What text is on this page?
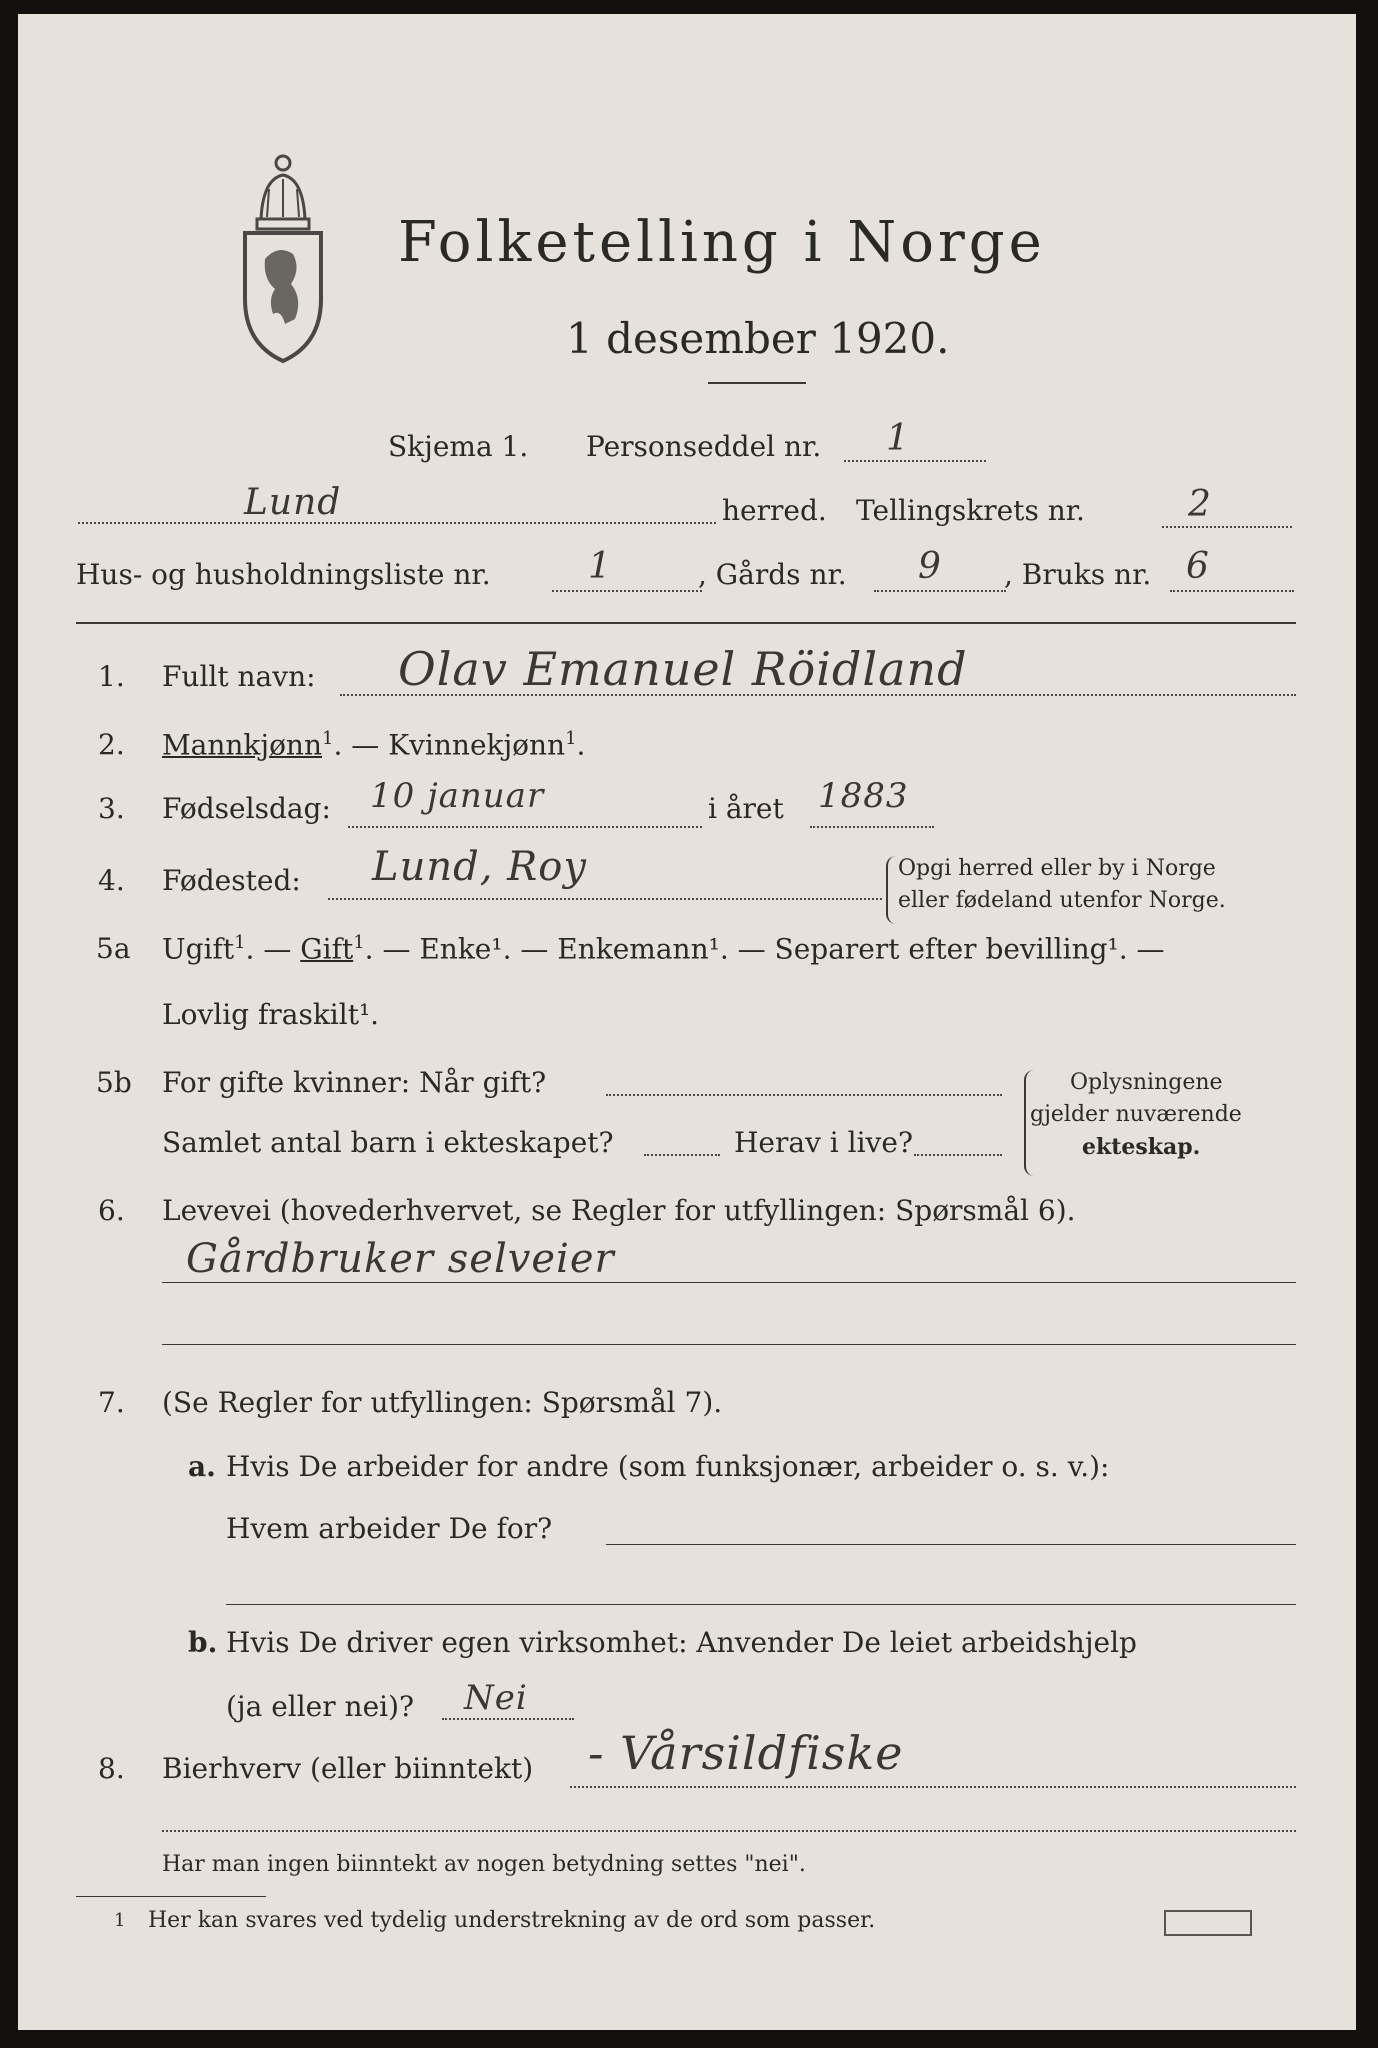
Folketelling i Norge
1 desember 1920.
Skjema 1. Personseddel nr. 1
Lund	herred. Tellingskrets nr.	2
Hus- og husholdningsliste nr.	1	, Gårds nr. 9 , Bruks nr. 6
1. Fullt navn: Olav Emanuel Röidland
2. Mannkjønn$^1$. — Kvinnekjønn$^1$.
3. Fødselsdag: 10 januar	i året 1883
4. Fødested: Lund, Roy	Opgi herred eller by i Norge
eller fødeland utenfor Norge.
5a Ugift$^1$. — Gift$^1$. — Enke¹. — Enkemann¹. — Separert efter bevilling¹. —
Lovlig fraskilt¹.
5b For gifte kvinner: Når gift?
Samlet antal barn i ekteskapet?	Herav i live?
Oplysningene
gjelder nuværende
ekteskap.
6. Levevei (hovederhvervet, se Regler for utfyllingen: Spørsmål 6).
Gårdbruker selveier
7. (Se Regler for utfyllingen: Spørsmål 7).
a. Hvis De arbeider for andre (som funksjonær, arbeider o. s. v.):
Hvem arbeider De for?
b. Hvis De driver egen virksomhet: Anvender De leiet arbeidshjelp
(ja eller nei)? Nei
8. Bierhverv (eller biinntekt) - Vårsildfiske
Har man ingen biinntekt av nogen betydning settes "nei".
1 Her kan svares ved tydelig understrekning av de ord som passer.
